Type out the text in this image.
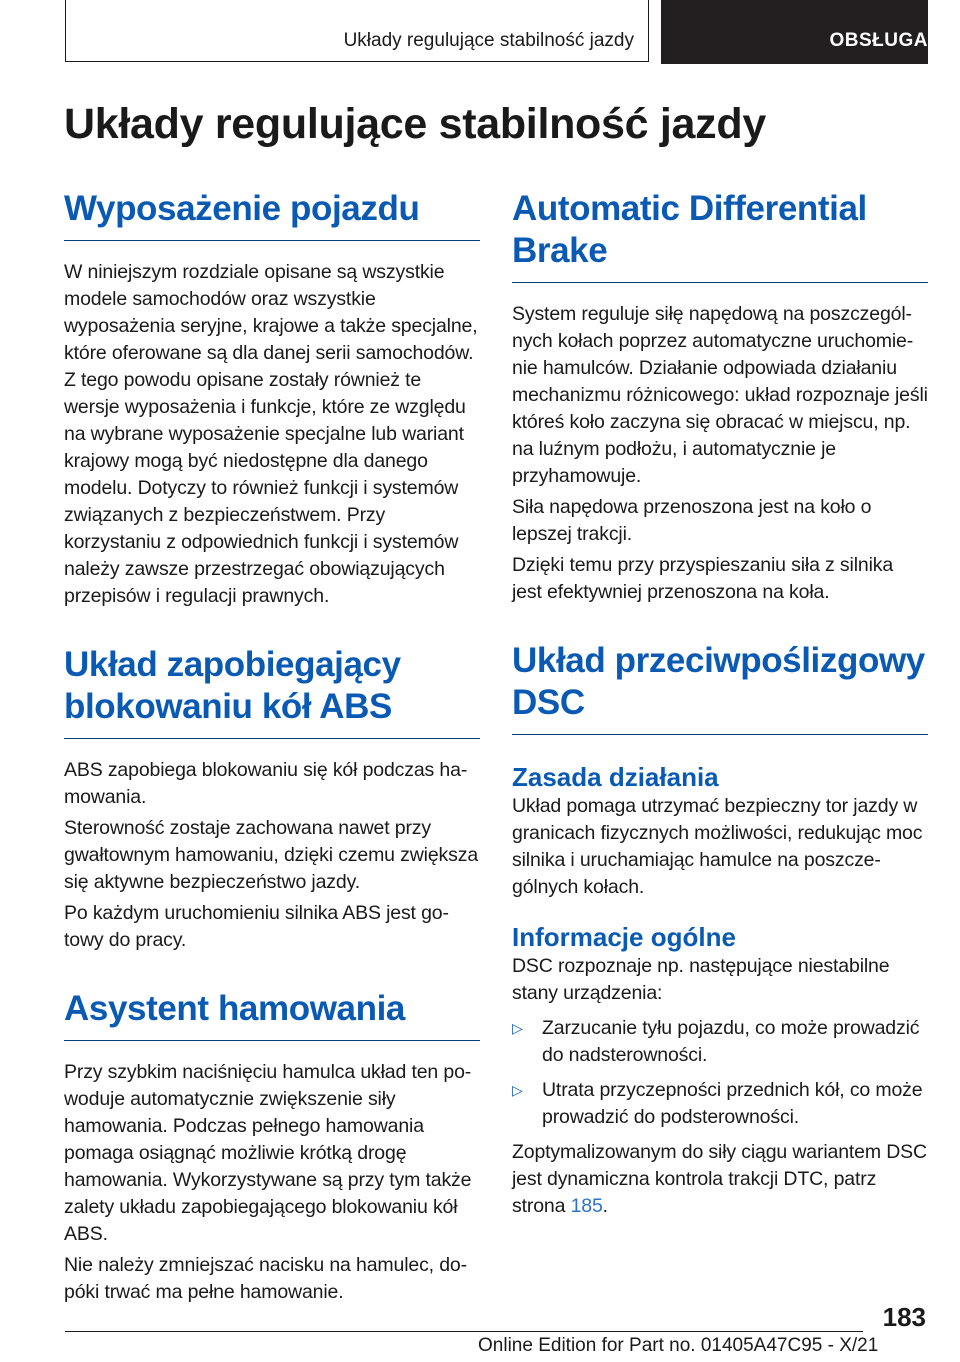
Układy regulujące stabilność jazdy	OBSŁUGA
Układy regulujące stabilność jazdy
Wyposażenie pojazdu

W niniejszym rozdziale opisane są wszystkie modele samochodów oraz wszystkie wyposażenia seryjne, krajowe a także specjalne, które oferowane są dla danej serii samochodów. Z tego powodu opisane zostały również te wersje wyposażenia i funkcje, które ze względu na wybrane wyposażenie specjalne lub wariant krajowy mogą być niedostępne dla danego modelu. Dotyczy to również funkcji i systemów związanych z bezpieczeństwem. Przy korzystaniu z odpowiednich funkcji i systemów należy zawsze przestrzegać obowiązujących przepisów i regulacji prawnych.

Układ zapobiegający blokowaniu kół ABS

ABS zapobiega blokowaniu się kół podczas hamowania.

Sterowność zostaje zachowana nawet przy gwałtownym hamowaniu, dzięki czemu zwiększa się aktywne bezpieczeństwo jazdy.

Po każdym uruchomieniu silnika ABS jest gotowy do pracy.

Asystent hamowania

Przy szybkim naciśnięciu hamulca układ ten powoduje automatycznie zwiększenie siły hamowania. Podczas pełnego hamowania pomaga osiągnąć możliwie krótką drogę hamowania. Wykorzystywane są przy tym także zalety układu zapobiegającego blokowaniu kół ABS.

Nie należy zmniejszać nacisku na hamulec, dopóki trwać ma pełne hamowanie.

Automatic Differential Brake

System reguluje siłę napędową na poszczególnych kołach poprzez automatyczne uruchomienie hamulców. Działanie odpowiada działaniu mechanizmu różnicowego: układ rozpoznaje jeśli któreś koło zaczyna się obracać w miejscu, np. na luźnym podłożu, i automatycznie je przyhamowuje.

Siła napędowa przenoszona jest na koło o lepszej trakcji.

Dzięki temu przy przyspieszaniu siła z silnika jest efektywniej przenoszona na koła.

Układ przeciwpoślizgowy DSC
Zasada działania

Układ pomaga utrzymać bezpieczny tor jazdy w granicach fizycznych możliwości, redukując moc silnika i uruchamiając hamulce na poszczególnych kołach.

Informacje ogólne

DSC rozpoznaje np. następujące niestabilne stany urządzenia:

▷ Zarzucanie tyłu pojazdu, co może prowadzić do nadsterowności.
▷ Utrata przyczepności przednich kół, co może prowadzić do podsterowności.

Zoptymalizowanym do siły ciągu wariantem DSC jest dynamiczna kontrola trakcji DTC, patrz strona 185.

183
Online Edition for Part no. 01405A47C95 - X/21
